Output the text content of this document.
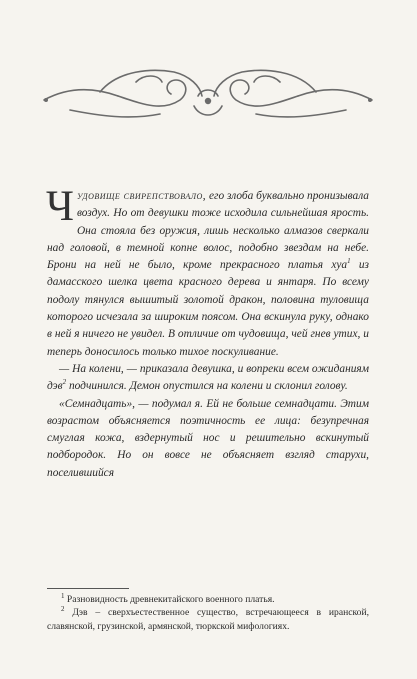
Чудовище свирепствовало, его злоба буквально пронизывала воздух. Но от девушки тоже исходила сильнейшая ярость. Она стояла без оружия, лишь несколько алмазов сверкали над головой, в темной копне волос, подобно звездам на небе. Брони на ней не было, кроме прекрасного платья хуа$^1$ из дамасского шелка цвета красного дерева и янтаря. По всему подолу тянулся вышитый золотой дракон, половина туловища которого исчезала за широким поясом. Она вскинула руку, однако в ней я ничего не увидел. В отличие от чудовища, чей гнев утих, и теперь доносилось только тихое поскуливание.

— На колени, — приказала девушка, и вопреки всем ожиданиям дэв$^2$ подчинился. Демон опустился на колени и склонил голову.

«Семнадцать», — подумал я. Ей не больше семнадцати. Этим возрастом объясняется поэтичность ее лица: безупречная смуглая кожа, вздернутый нос и решительно вскинутый подбородок. Но он вовсе не объясняет взгляд старухи, поселившийся

$^1$ Разновидность древнекитайского военного платья.

$^2$ Дэв – сверхъестественное существо, встречающееся в иранской, славянской, грузинской, армянской, тюркской мифологиях.
